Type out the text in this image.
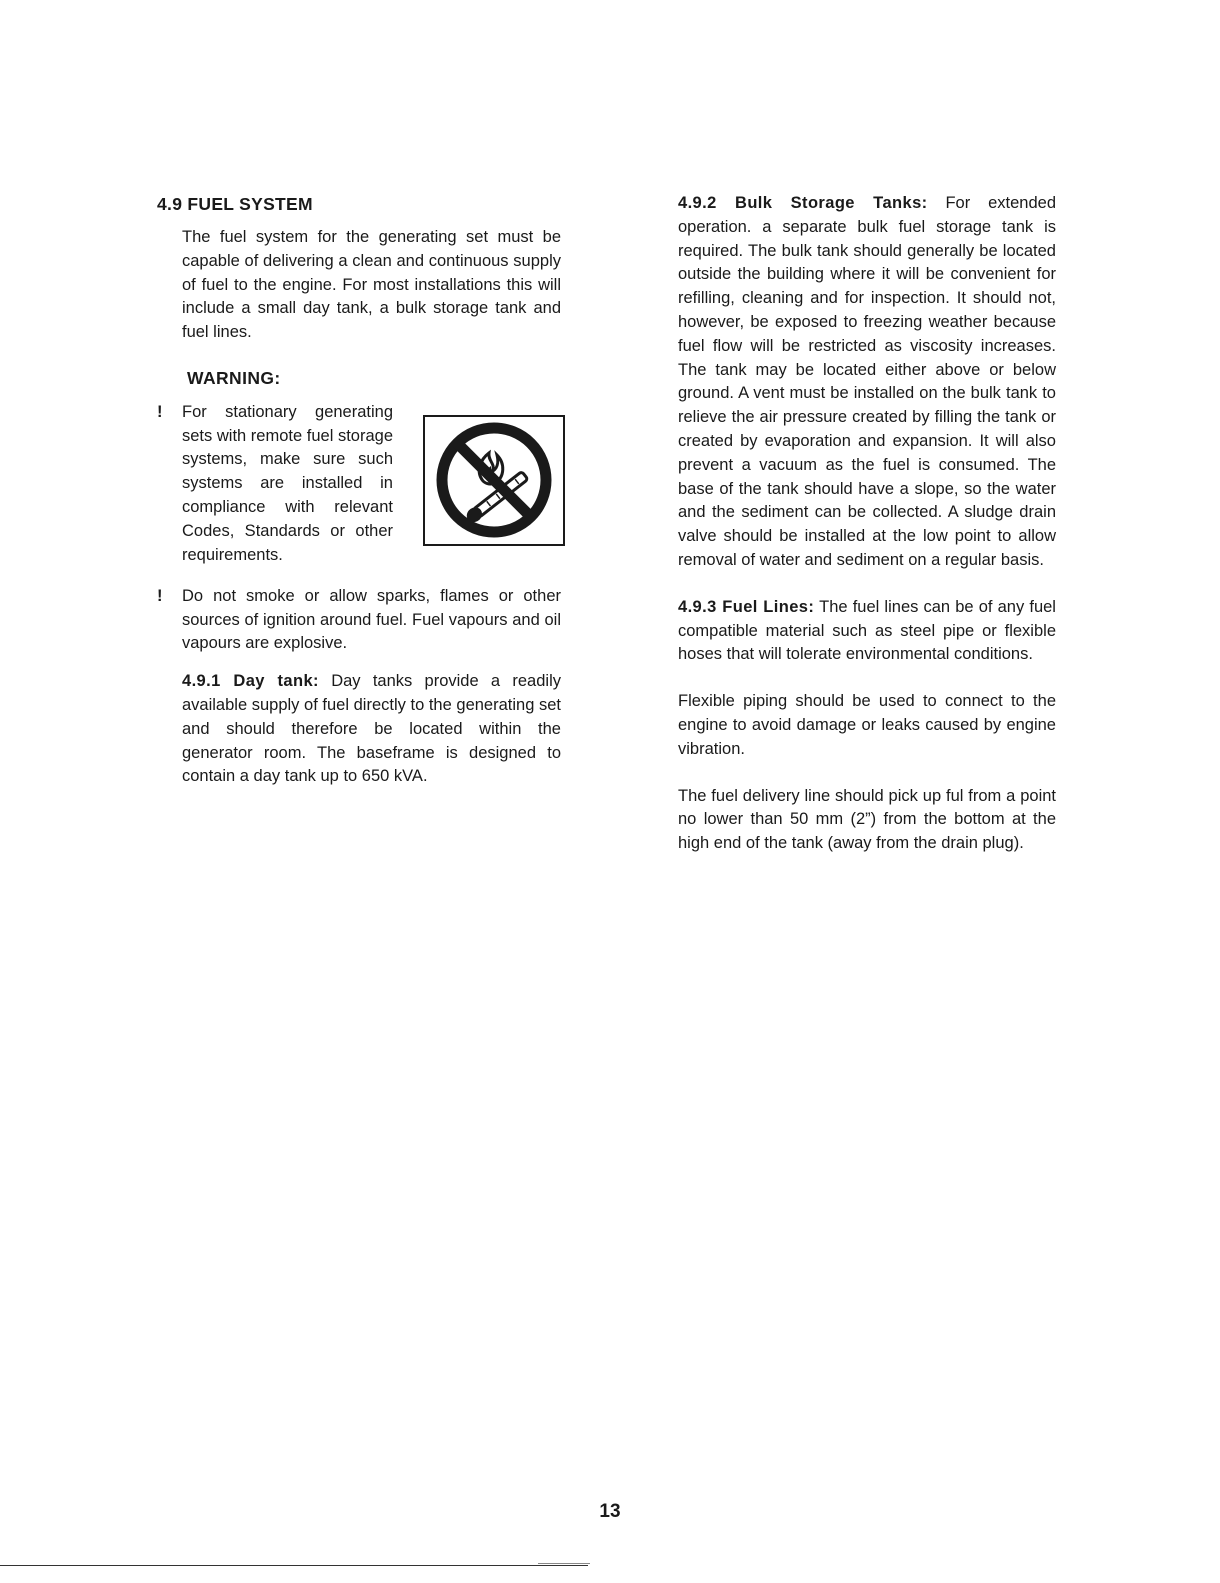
4.9 FUEL SYSTEM

The fuel system for the generating set must be capable of delivering a clean and continuous supply of fuel to the engine. For most installations this will include a small day tank, a bulk storage tank and fuel lines.

WARNING:
!	For stationary generating sets with remote fuel storage systems, make sure such systems are installed in compliance with relevant Codes, Standards or other requirements.

!	Do not smoke or allow sparks, flames or other sources of ignition around fuel. Fuel vapours and oil vapours are explosive.

4.9.1 Day tank: Day tanks provide a readily available supply of fuel directly to the generating set and should therefore be located within the generator room. The baseframe is designed to contain a day tank up to 650 kVA.

4.9.2 Bulk Storage Tanks: For extended operation. a separate bulk fuel storage tank is required. The bulk tank should generally be located outside the building where it will be convenient for refilling, cleaning and for inspection. It should not, however, be exposed to freezing weather because fuel flow will be restricted as viscosity increases. The tank may be located either above or below ground. A vent must be installed on the bulk tank to relieve the air pressure created by filling the tank or created by evaporation and expansion. It will also prevent a vacuum as the fuel is consumed. The base of the tank should have a slope, so the water and the sediment can be collected. A sludge drain valve should be installed at the low point to allow removal of water and sediment on a regular basis.

4.9.3 Fuel Lines: The fuel lines can be of any fuel compatible material such as steel pipe or flexible hoses that will tolerate environmental conditions.

Flexible piping should be used to connect to the engine to avoid damage or leaks caused by engine vibration.

The fuel delivery line should pick up ful from a point no lower than 50 mm (2”) from the bottom at the high end of the tank (away from the drain plug).

13
